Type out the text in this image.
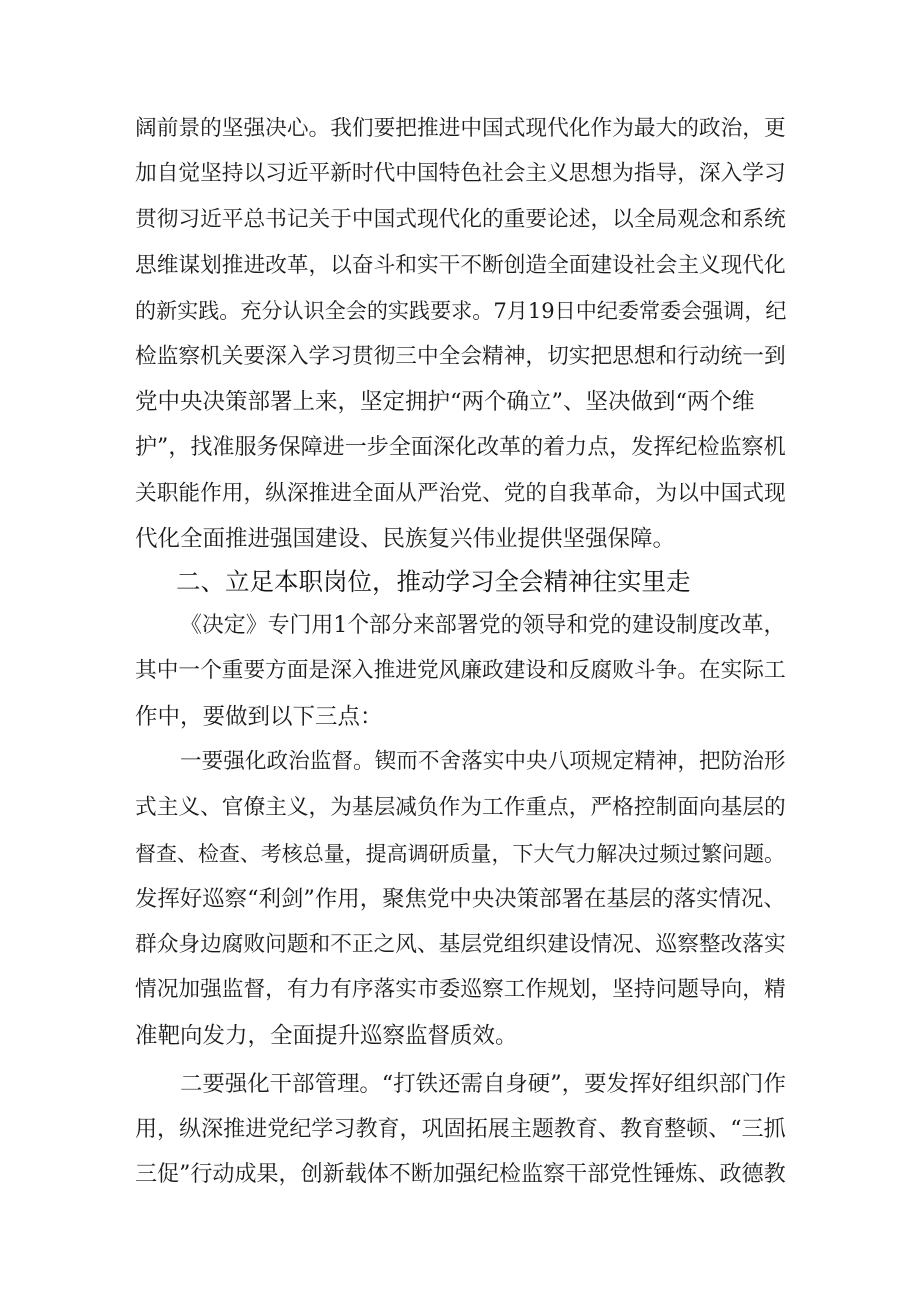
阔前景的坚强决心。我们要把推进中国式现代化作为最大的政治，更
加自觉坚持以习近平新时代中国特色社会主义思想为指导，深入学习
贯彻习近平总书记关于中国式现代化的重要论述，以全局观念和系统
思维谋划推进改革，以奋斗和实干不断创造全面建设社会主义现代化
的新实践。充分认识全会的实践要求。7月19日中纪委常委会强调，纪
检监察机关要深入学习贯彻三中全会精神，切实把思想和行动统一到
党中央决策部署上来，坚定拥护“两个确立”、坚决做到“两个维
护”，找准服务保障进一步全面深化改革的着力点，发挥纪检监察机
关职能作用，纵深推进全面从严治党、党的自我革命，为以中国式现
代化全面推进强国建设、民族复兴伟业提供坚强保障。
二、立足本职岗位，推动学习全会精神往实里走
《决定》专门用1个部分来部署党的领导和党的建设制度改革，
其中一个重要方面是深入推进党风廉政建设和反腐败斗争。在实际工
作中，要做到以下三点：
一要强化政治监督。锲而不舍落实中央八项规定精神，把防治形
式主义、官僚主义，为基层减负作为工作重点，严格控制面向基层的
督查、检查、考核总量，提高调研质量，下大气力解决过频过繁问题。
发挥好巡察“利剑”作用，聚焦党中央决策部署在基层的落实情况、
群众身边腐败问题和不正之风、基层党组织建设情况、巡察整改落实
情况加强监督，有力有序落实市委巡察工作规划，坚持问题导向，精
准靶向发力，全面提升巡察监督质效。
二要强化干部管理。“打铁还需自身硬”，要发挥好组织部门作
用，纵深推进党纪学习教育，巩固拓展主题教育、教育整顿、“三抓
三促”行动成果，创新载体不断加强纪检监察干部党性锤炼、政德教
